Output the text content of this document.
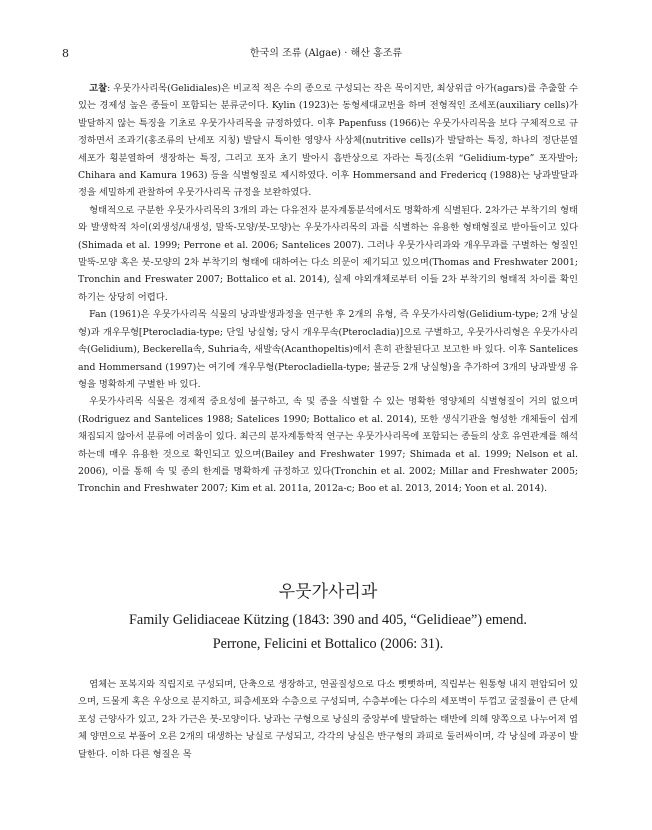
8	한국의 조류 (Algae) · 해산 홍조류

고찰: 우뭇가사리목(Gelidiales)은 비교적 적은 수의 종으로 구성되는 작은 목이지만, 최상위급 아가(agars)를 추출할 수 있는 경제성 높은 종들이 포함되는 분류군이다. Kylin (1923)는 동형세대교번을 하며 전형적인 조세포(auxiliary cells)가 발달하지 않는 특징을 기초로 우뭇가사리목을 규정하였다. 이후 Papenfuss (1966)는 우뭇가사리목을 보다 구체적으로 규정하면서 조과기(홍조류의 난세포 지칭) 발달시 특이한 영양사 사상체(nutritive cells)가 발달하는 특징, 하나의 정단분열세포가 횡분열하여 생장하는 특징, 그리고 포자 초기 발아시 흡반상으로 자라는 특징(소위 “Gelidium-type” 포자발아; Chihara and Kamura 1963) 등을 식별형질로 제시하였다. 이후 Hommersand and Fredericq (1988)는 낭과발달과정을 세밀하게 관찰하여 우뭇가사리목 규정을 보완하였다.

형태적으로 구분한 우뭇가사리목의 3개의 과는 다유전자 분자계통분석에서도 명확하게 식별된다. 2차가근 부착기의 형태와 발생학적 차이(외생성/내생성, 말뚝-모양/붓-모양)는 우뭇가사리목의 과를 식별하는 유용한 형태형질로 받아들이고 있다(Shimada et al. 1999; Perrone et al. 2006; Santelices 2007). 그러나 우뭇가사리과와 개우무과를 구별하는 형질인 말뚝-모양 혹은 붓-모양의 2차 부착기의 형태에 대하여는 다소 의문이 제기되고 있으며(Thomas and Freshwater 2001; Tronchin and Freswater 2007; Bottalico et al. 2014), 실제 야외개체로부터 이들 2차 부착기의 형태적 차이를 확인하기는 상당히 어렵다.

Fan (1961)은 우뭇가사리목 식물의 낭과발생과정을 연구한 후 2개의 유형, 즉 우뭇가사리형(Gelidium-type; 2개 낭실형)과 개우무형[Pterocladia-type; 단일 낭실형; 당시 개우무속(Pterocladia)]으로 구별하고, 우뭇가사리형은 우뭇가사리속(Gelidium), Beckerella속, Suhria속, 새발속(Acanthopeltis)에서 흔히 관찰된다고 보고한 바 있다. 이후 Santelices and Hommersand (1997)는 여기에 개우무형(Pterocladiella-type; 불균등 2개 낭실형)을 추가하여 3개의 낭과발생 유형을 명확하게 구별한 바 있다.

우뭇가사리목 식물은 경제적 중요성에 불구하고, 속 및 종을 식별할 수 있는 명확한 영양체의 식별형질이 거의 없으며(Rodriguez and Santelices 1988; Satelices 1990; Bottalico et al. 2014), 또한 생식기관을 형성한 개체들이 쉽게 채집되지 않아서 분류에 어려움이 있다. 최근의 분자계통학적 연구는 우뭇가사리목에 포함되는 종들의 상호 유연관계를 해석하는데 매우 유용한 것으로 확인되고 있으며(Bailey and Freshwater 1997; Shimada et al. 1999; Nelson et al. 2006), 이를 통해 속 및 종의 한계를 명확하게 규정하고 있다(Tronchin et al. 2002; Millar and Freshwater 2005; Tronchin and Freshwater 2007; Kim et al. 2011a, 2012a-c; Boo et al. 2013, 2014; Yoon et al. 2014).

우뭇가사리과
Family Gelidiaceae Kützing (1843: 390 and 405, “Gelidieae”) emend.
Perrone, Felicini et Bottalico (2006: 31).

엽체는 포복지와 직립지로 구성되며, 단축으로 생장하고, 연골질성으로 다소 뻣뻣하며, 직립부는 원통형 내지 편압되어 있으며, 드물게 혹은 우상으로 분지하고, 피층세포와 수층으로 구성되며, 수층부에는 다수의 세포벽이 두껍고 굴절률이 큰 단세포성 근양사가 있고, 2차 가근은 붓-모양이다. 낭과는 구형으로 낭실의 중앙부에 발달하는 태반에 의해 양쪽으로 나누어져 엽체 양면으로 부풀어 오른 2개의 대생하는 낭실로 구성되고, 각각의 낭실은 반구형의 과피로 둘러싸이며, 각 낭실에 과공이 발달한다. 이하 다른 형질은 목
